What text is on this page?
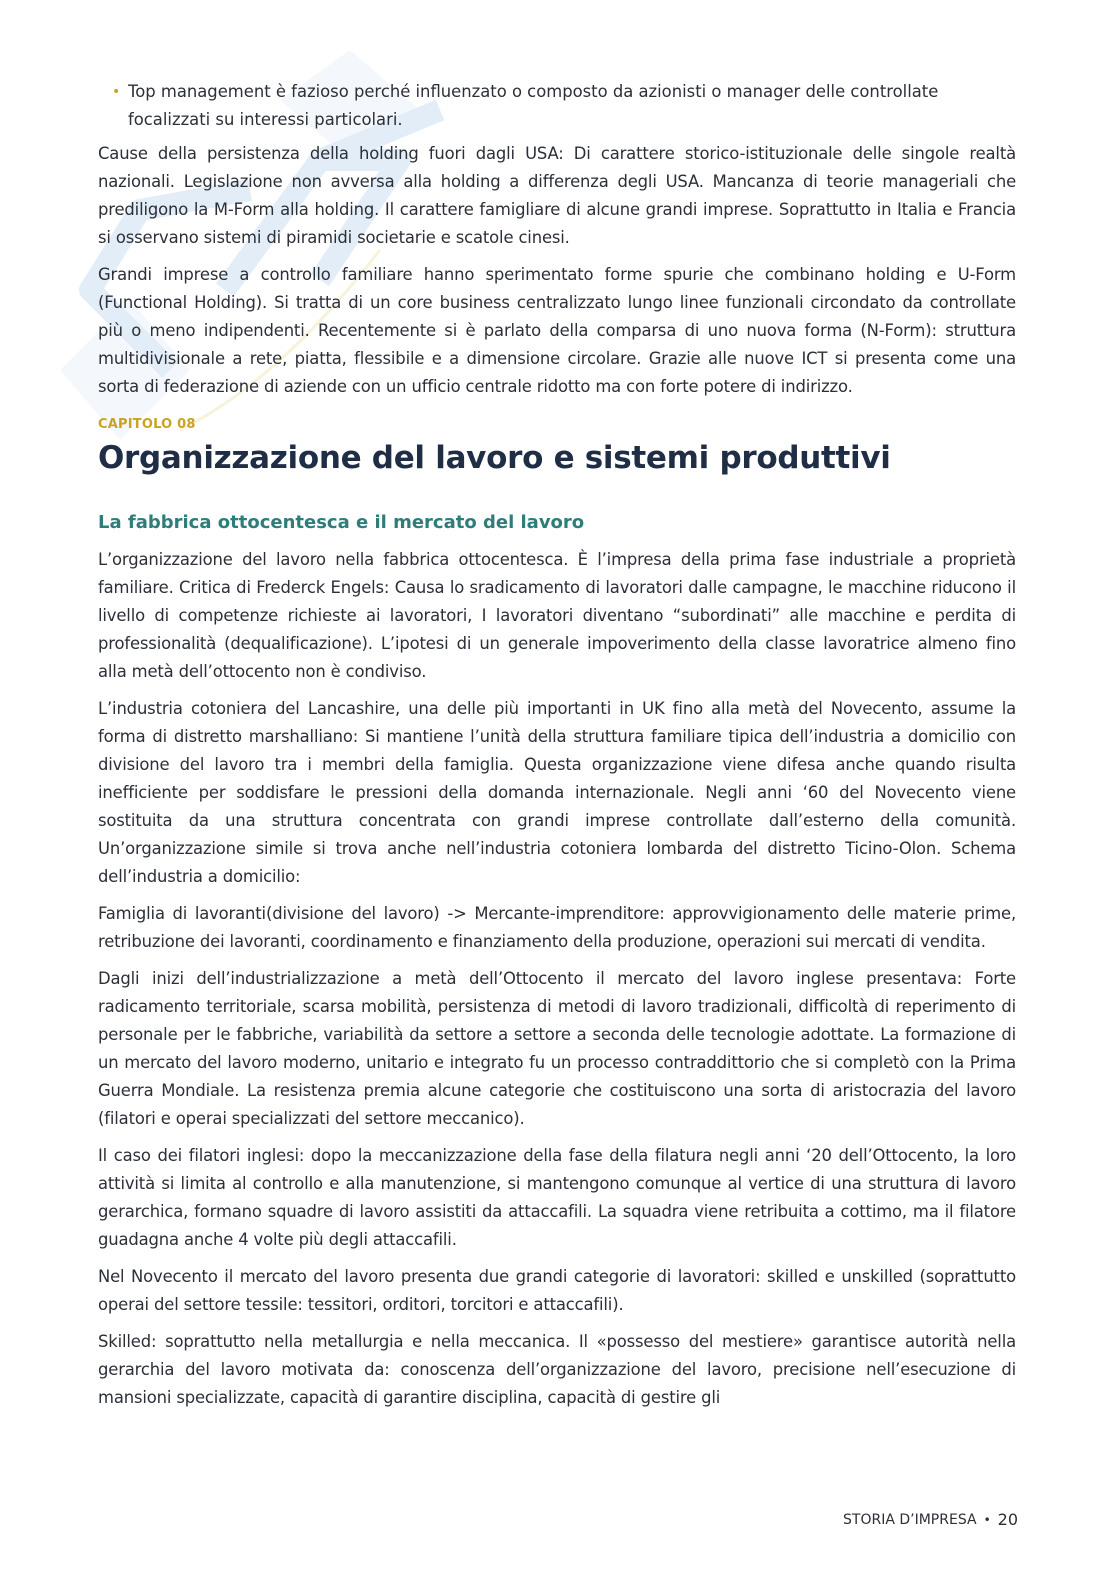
• Top management è fazioso perché influenzato o composto da azionisti o manager delle controllate focalizzati su interessi particolari.

Cause della persistenza della holding fuori dagli USA: Di carattere storico-istituzionale delle singole realtà nazionali. Legislazione non avversa alla holding a differenza degli USA. Mancanza di teorie manageriali che prediligono la M-Form alla holding. Il carattere famigliare di alcune grandi imprese. Soprattutto in Italia e Francia si osservano sistemi di piramidi societarie e scatole cinesi.

Grandi imprese a controllo familiare hanno sperimentato forme spurie che combinano holding e U-Form (Functional Holding). Si tratta di un core business centralizzato lungo linee funzionali circondato da controllate più o meno indipendenti. Recentemente si è parlato della comparsa di uno nuova forma (N-Form): struttura multidivisionale a rete, piatta, flessibile e a dimensione circolare. Grazie alle nuove ICT si presenta come una sorta di federazione di aziende con un ufficio centrale ridotto ma con forte potere di indirizzo.

CAPITOLO 08
Organizzazione del lavoro e sistemi produttivi
La fabbrica ottocentesca e il mercato del lavoro

L’organizzazione del lavoro nella fabbrica ottocentesca. È l’impresa della prima fase industriale a proprietà familiare. Critica di Frederck Engels: Causa lo sradicamento di lavoratori dalle campagne, le macchine riducono il livello di competenze richieste ai lavoratori, I lavoratori diventano “subordinati” alle macchine e perdita di professionalità (dequalificazione). L’ipotesi di un generale impoverimento della classe lavoratrice almeno fino alla metà dell’ottocento non è condiviso.

L’industria cotoniera del Lancashire, una delle più importanti in UK fino alla metà del Novecento, assume la forma di distretto marshalliano: Si mantiene l’unità della struttura familiare tipica dell’industria a domicilio con divisione del lavoro tra i membri della famiglia. Questa organizzazione viene difesa anche quando risulta inefficiente per soddisfare le pressioni della domanda internazionale. Negli anni ‘60 del Novecento viene sostituita da una struttura concentrata con grandi imprese controllate dall’esterno della comunità. Un’organizzazione simile si trova anche nell’industria cotoniera lombarda del distretto Ticino-Olon. Schema dell’industria a domicilio:

Famiglia di lavoranti(divisione del lavoro) -> Mercante-imprenditore: approvvigionamento delle materie prime, retribuzione dei lavoranti, coordinamento e finanziamento della produzione, operazioni sui mercati di vendita.

Dagli inizi dell’industrializzazione a metà dell’Ottocento il mercato del lavoro inglese presentava: Forte radicamento territoriale, scarsa mobilità, persistenza di metodi di lavoro tradizionali, difficoltà di reperimento di personale per le fabbriche, variabilità da settore a settore a seconda delle tecnologie adottate. La formazione di un mercato del lavoro moderno, unitario e integrato fu un processo contraddittorio che si completò con la Prima Guerra Mondiale. La resistenza premia alcune categorie che costituiscono una sorta di aristocrazia del lavoro (filatori e operai specializzati del settore meccanico).

Il caso dei filatori inglesi: dopo la meccanizzazione della fase della filatura negli anni ‘20 dell’Ottocento, la loro attività si limita al controllo e alla manutenzione, si mantengono comunque al vertice di una struttura di lavoro gerarchica, formano squadre di lavoro assistiti da attaccafili. La squadra viene retribuita a cottimo, ma il filatore guadagna anche 4 volte più degli attaccafili.

Nel Novecento il mercato del lavoro presenta due grandi categorie di lavoratori: skilled e unskilled (soprattutto operai del settore tessile: tessitori, orditori, torcitori e attaccafili).

Skilled: soprattutto nella metallurgia e nella meccanica. Il «possesso del mestiere» garantisce autorità nella gerarchia del lavoro motivata da: conoscenza dell’organizzazione del lavoro, precisione nell’esecuzione di mansioni specializzate, capacità di garantire disciplina, capacità di gestire gli

STORIA D’IMPRESA • 20
